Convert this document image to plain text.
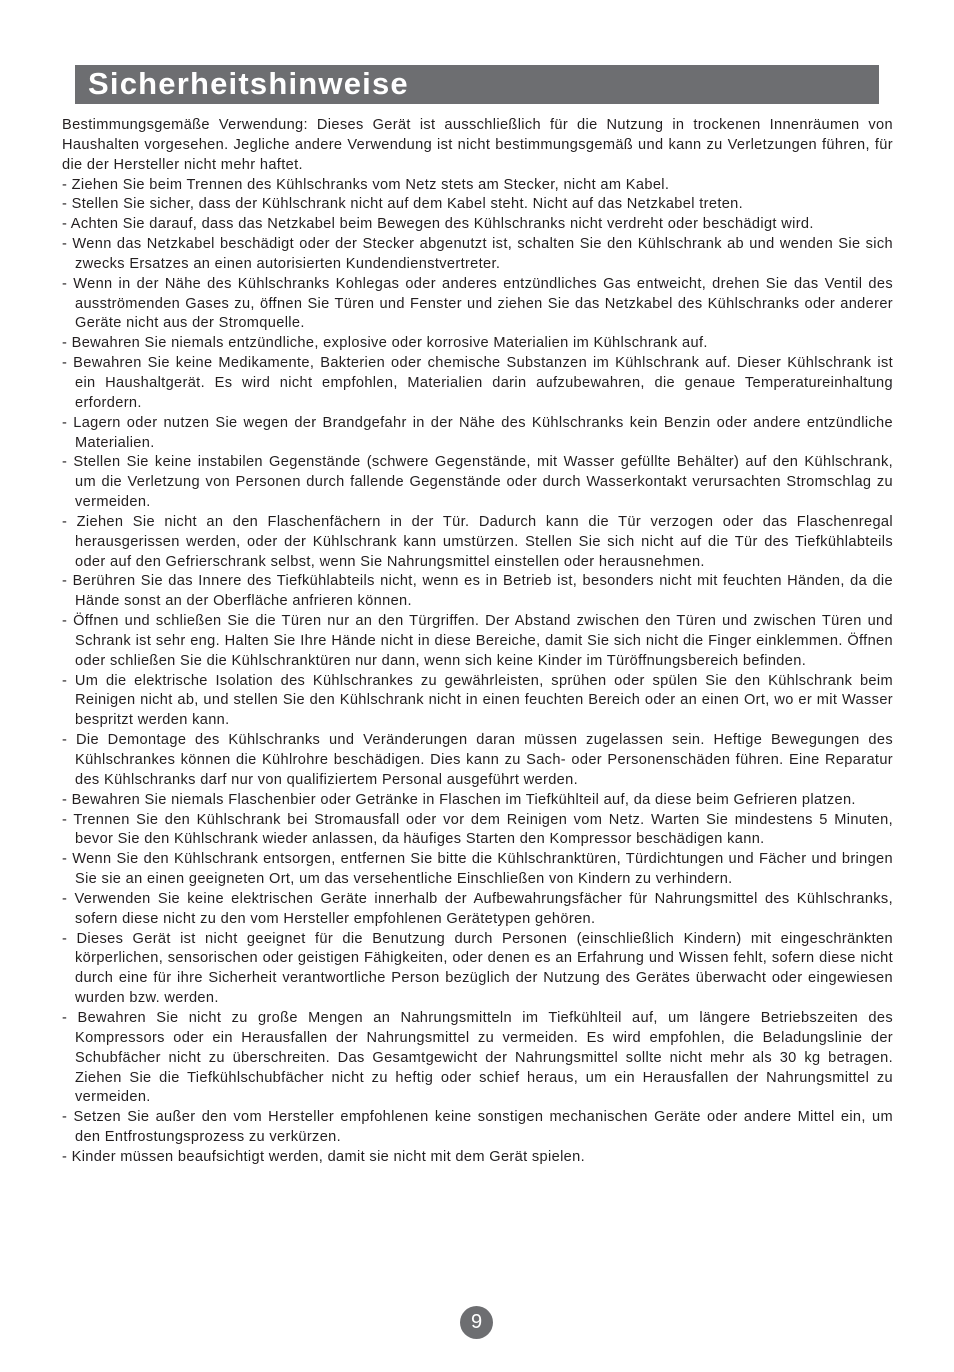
Sicherheitshinweise

Bestimmungsgemäße Verwendung: Dieses Gerät ist ausschließlich für die Nutzung in trockenen Innenräumen von Haushalten vorgesehen. Jegliche andere Verwendung ist nicht bestimmungsgemäß und kann zu Verletzungen führen, für die der Hersteller nicht mehr haftet.

- Ziehen Sie beim Trennen des Kühlschranks vom Netz stets am Stecker, nicht am Kabel.

- Stellen Sie sicher, dass der Kühlschrank nicht auf dem Kabel steht. Nicht auf das Netzkabel treten.

- Achten Sie darauf, dass das Netzkabel beim Bewegen des Kühlschranks nicht verdreht oder beschädigt wird.

- Wenn das Netzkabel beschädigt oder der Stecker abgenutzt ist, schalten Sie den Kühlschrank ab und wenden Sie sich zwecks Ersatzes an einen autorisierten Kundendienstvertreter.

- Wenn in der Nähe des Kühlschranks Kohlegas oder anderes entzündliches Gas entweicht, drehen Sie das Ventil des ausströmenden Gases zu, öffnen Sie Türen und Fenster und ziehen Sie das Netzkabel des Kühlschranks oder anderer Geräte nicht aus der Stromquelle.

- Bewahren Sie niemals entzündliche, explosive oder korrosive Materialien im Kühlschrank auf.

- Bewahren Sie keine Medikamente, Bakterien oder chemische Substanzen im Kühlschrank auf. Dieser Kühlschrank ist ein Haushaltgerät. Es wird nicht empfohlen, Materialien darin aufzubewahren, die genaue Temperatureinhaltung erfordern.

- Lagern oder nutzen Sie wegen der Brandgefahr in der Nähe des Kühlschranks kein Benzin oder andere entzündliche Materialien.

- Stellen Sie keine instabilen Gegenstände (schwere Gegenstände, mit Wasser gefüllte Behälter) auf den Kühlschrank, um die Verletzung von Personen durch fallende Gegenstände oder durch Wasserkontakt verursachten Stromschlag zu vermeiden.

- Ziehen Sie nicht an den Flaschenfächern in der Tür. Dadurch kann die Tür verzogen oder das Flaschenregal herausgerissen werden, oder der Kühlschrank kann umstürzen. Stellen Sie sich nicht auf die Tür des Tiefkühlabteils oder auf den Gefrierschrank selbst, wenn Sie Nahrungsmittel einstellen oder herausnehmen.

- Berühren Sie das Innere des Tiefkühlabteils nicht, wenn es in Betrieb ist, besonders nicht mit feuchten Händen, da die Hände sonst an der Oberfläche anfrieren können.

- Öffnen und schließen Sie die Türen nur an den Türgriffen. Der Abstand zwischen den Türen und zwischen Türen und Schrank ist sehr eng. Halten Sie Ihre Hände nicht in diese Bereiche, damit Sie sich nicht die Finger einklemmen. Öffnen oder schließen Sie die Kühlschranktüren nur dann, wenn sich keine Kinder im Türöffnungsbereich befinden.

- Um die elektrische Isolation des Kühlschrankes zu gewährleisten, sprühen oder spülen Sie den Kühlschrank beim Reinigen nicht ab, und stellen Sie den Kühlschrank nicht in einen feuchten Bereich oder an einen Ort, wo er mit Wasser bespritzt werden kann.

- Die Demontage des Kühlschranks und Veränderungen daran müssen zugelassen sein. Heftige Bewegungen des Kühlschrankes können die Kühlrohre beschädigen. Dies kann zu Sach- oder Personenschäden führen. Eine Reparatur des Kühlschranks darf nur von qualifiziertem Personal ausgeführt werden.

- Bewahren Sie niemals Flaschenbier oder Getränke in Flaschen im Tiefkühlteil auf, da diese beim Gefrieren platzen.

- Trennen Sie den Kühlschrank bei Stromausfall oder vor dem Reinigen vom Netz. Warten Sie mindestens 5 Minuten, bevor Sie den Kühlschrank wieder anlassen, da häufiges Starten den Kompressor beschädigen kann.

- Wenn Sie den Kühlschrank entsorgen, entfernen Sie bitte die Kühlschranktüren, Türdichtungen und Fächer und bringen Sie sie an einen geeigneten Ort, um das versehentliche Einschließen von Kindern zu verhindern.

- Verwenden Sie keine elektrischen Geräte innerhalb der Aufbewahrungsfächer für Nahrungsmittel des Kühlschranks, sofern diese nicht zu den vom Hersteller empfohlenen Gerätetypen gehören.

- Dieses Gerät ist nicht geeignet für die Benutzung durch Personen (einschließlich Kindern) mit eingeschränkten körperlichen, sensorischen oder geistigen Fähigkeiten, oder denen es an Erfahrung und Wissen fehlt, sofern diese nicht durch eine für ihre Sicherheit verantwortliche Person bezüglich der Nutzung des Gerätes überwacht oder eingewiesen wurden bzw. werden.

- Bewahren Sie nicht zu große Mengen an Nahrungsmitteln im Tiefkühlteil auf, um längere Betriebszeiten des Kompressors oder ein Herausfallen der Nahrungsmittel zu vermeiden. Es wird empfohlen, die Beladungslinie der Schubfächer nicht zu überschreiten. Das Gesamtgewicht der Nahrungsmittel sollte nicht mehr als 30 kg betragen. Ziehen Sie die Tiefkühlschubfächer nicht zu heftig oder schief heraus, um ein Herausfallen der Nahrungsmittel zu vermeiden.

- Setzen Sie außer den vom Hersteller empfohlenen keine sonstigen mechanischen Geräte oder andere Mittel ein, um den Entfrostungsprozess zu verkürzen.

- Kinder müssen beaufsichtigt werden, damit sie nicht mit dem Gerät spielen.

9
